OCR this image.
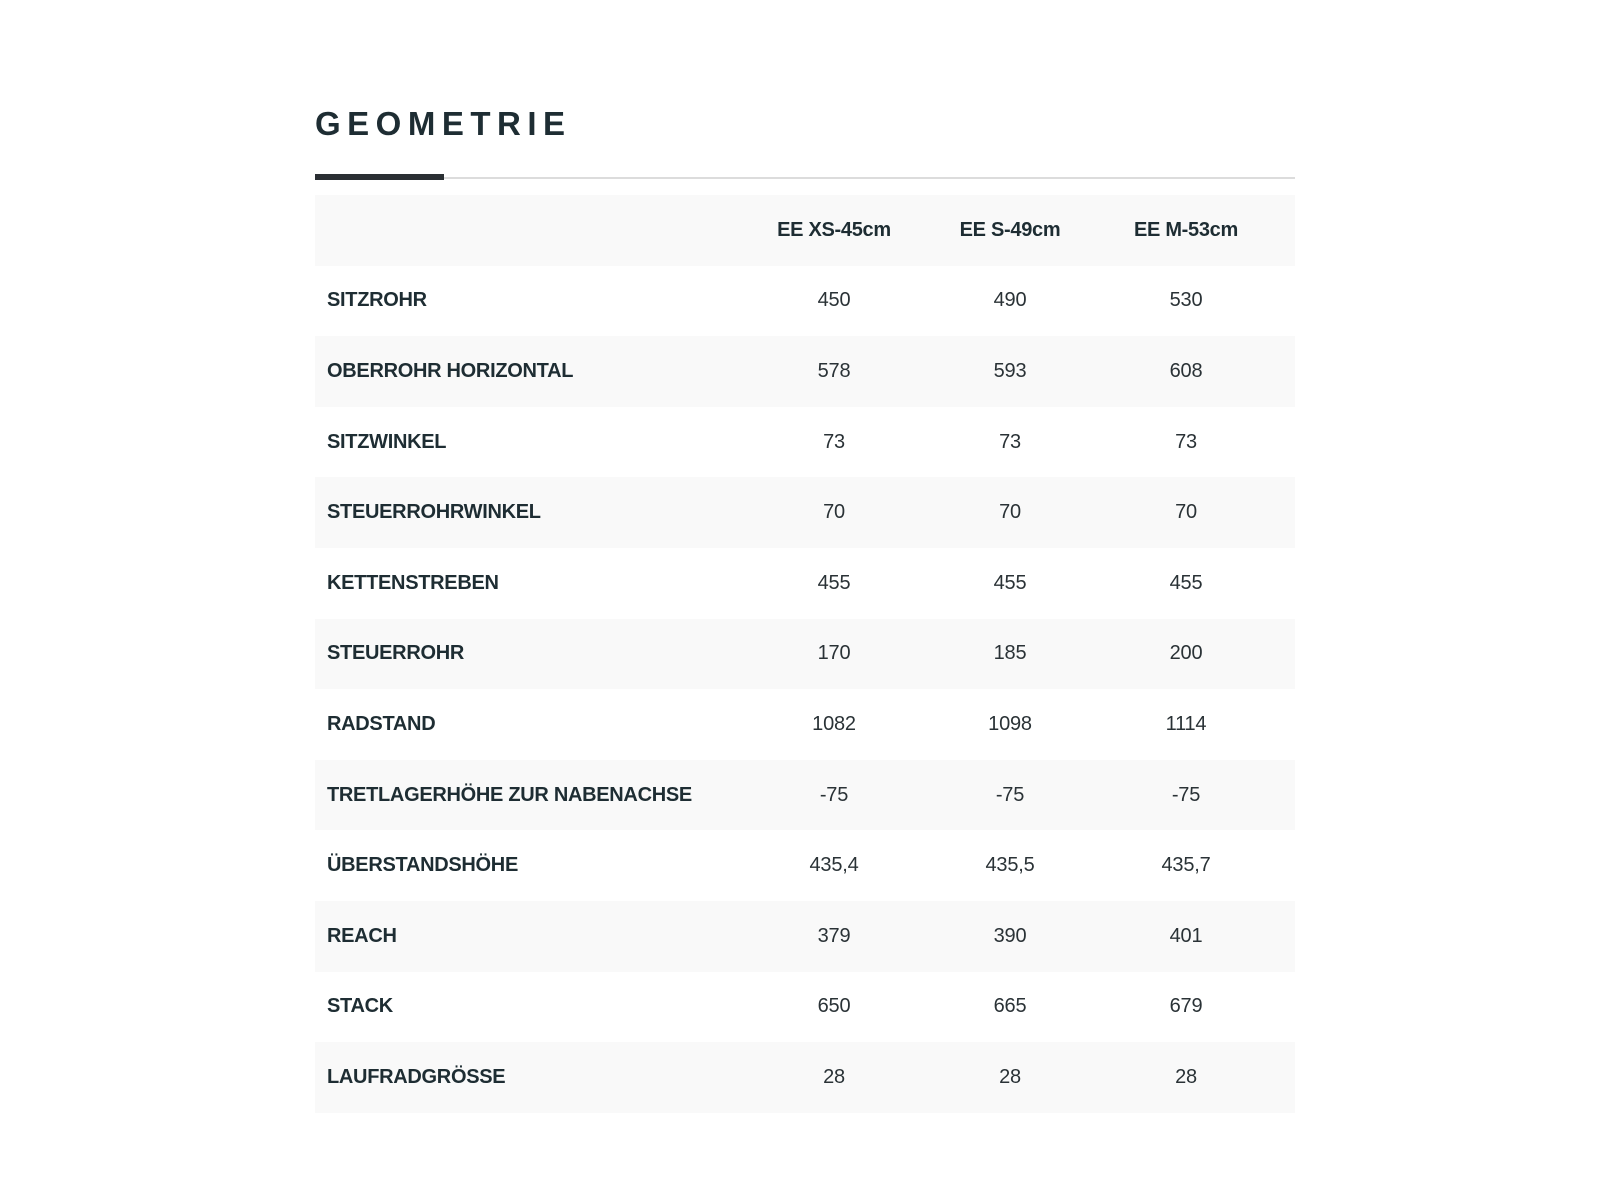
GEOMETRIE
	EE XS-45cm	EE S-49cm	EE M-53cm
SITZROHR	450	490	530
OBERROHR HORIZONTAL	578	593	608
SITZWINKEL	73	73	73
STEUERROHRWINKEL	70	70	70
KETTENSTREBEN	455	455	455
STEUERROHR	170	185	200
RADSTAND	1082	1098	1114
TRETLAGERHÖHE ZUR NABENACHSE	-75	-75	-75
ÜBERSTANDSHÖHE	435,4	435,5	435,7
REACH	379	390	401
STACK	650	665	679
LAUFRADGRÖSSE	28	28	28
